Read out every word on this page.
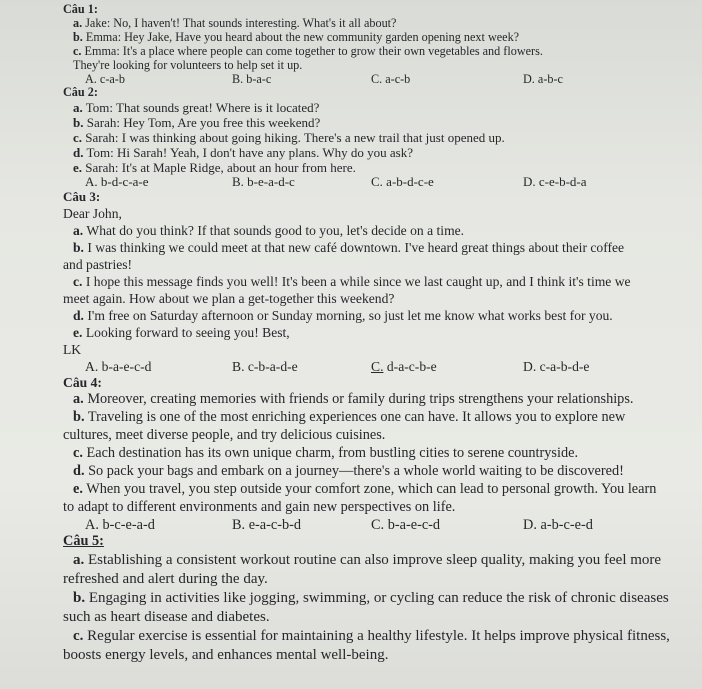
Câu 1:
a. Jake: No, I haven't! That sounds interesting. What's it all about?
b. Emma: Hey Jake, Have you heard about the new community garden opening next week?
c. Emma: It's a place where people can come together to grow their own vegetables and flowers.
They're looking for volunteers to help set it up.
A. c-a-b	B. b-a-c	C. a-c-b	D. a-b-c
Câu 2:
a. Tom: That sounds great! Where is it located?
b. Sarah: Hey Tom, Are you free this weekend?
c. Sarah: I was thinking about going hiking. There's a new trail that just opened up.
d. Tom: Hi Sarah! Yeah, I don't have any plans. Why do you ask?
e. Sarah: It's at Maple Ridge, about an hour from here.
A. b-d-c-a-e	B. b-e-a-d-c	C. a-b-d-c-e	D. c-e-b-d-a
Câu 3:
Dear John,
a. What do you think? If that sounds good to you, let's decide on a time.
b. I was thinking we could meet at that new café downtown. I've heard great things about their coffee
and pastries!
c. I hope this message finds you well! It's been a while since we last caught up, and I think it's time we
meet again. How about we plan a get-together this weekend?
d. I'm free on Saturday afternoon or Sunday morning, so just let me know what works best for you.
e. Looking forward to seeing you! Best,
LK
A. b-a-e-c-d	B. c-b-a-d-e	C. d-a-c-b-e	D. c-a-b-d-e
Câu 4:
a. Moreover, creating memories with friends or family during trips strengthens your relationships.
b. Traveling is one of the most enriching experiences one can have. It allows you to explore new
cultures, meet diverse people, and try delicious cuisines.
c. Each destination has its own unique charm, from bustling cities to serene countryside.
d. So pack your bags and embark on a journey—there's a whole world waiting to be discovered!
e. When you travel, you step outside your comfort zone, which can lead to personal growth. You learn
to adapt to different environments and gain new perspectives on life.
A. b-c-e-a-d	B. e-a-c-b-d	C. b-a-e-c-d	D. a-b-c-e-d
Câu 5:
a. Establishing a consistent workout routine can also improve sleep quality, making you feel more
refreshed and alert during the day.
b. Engaging in activities like jogging, swimming, or cycling can reduce the risk of chronic diseases
such as heart disease and diabetes.
c. Regular exercise is essential for maintaining a healthy lifestyle. It helps improve physical fitness,
boosts energy levels, and enhances mental well-being.
